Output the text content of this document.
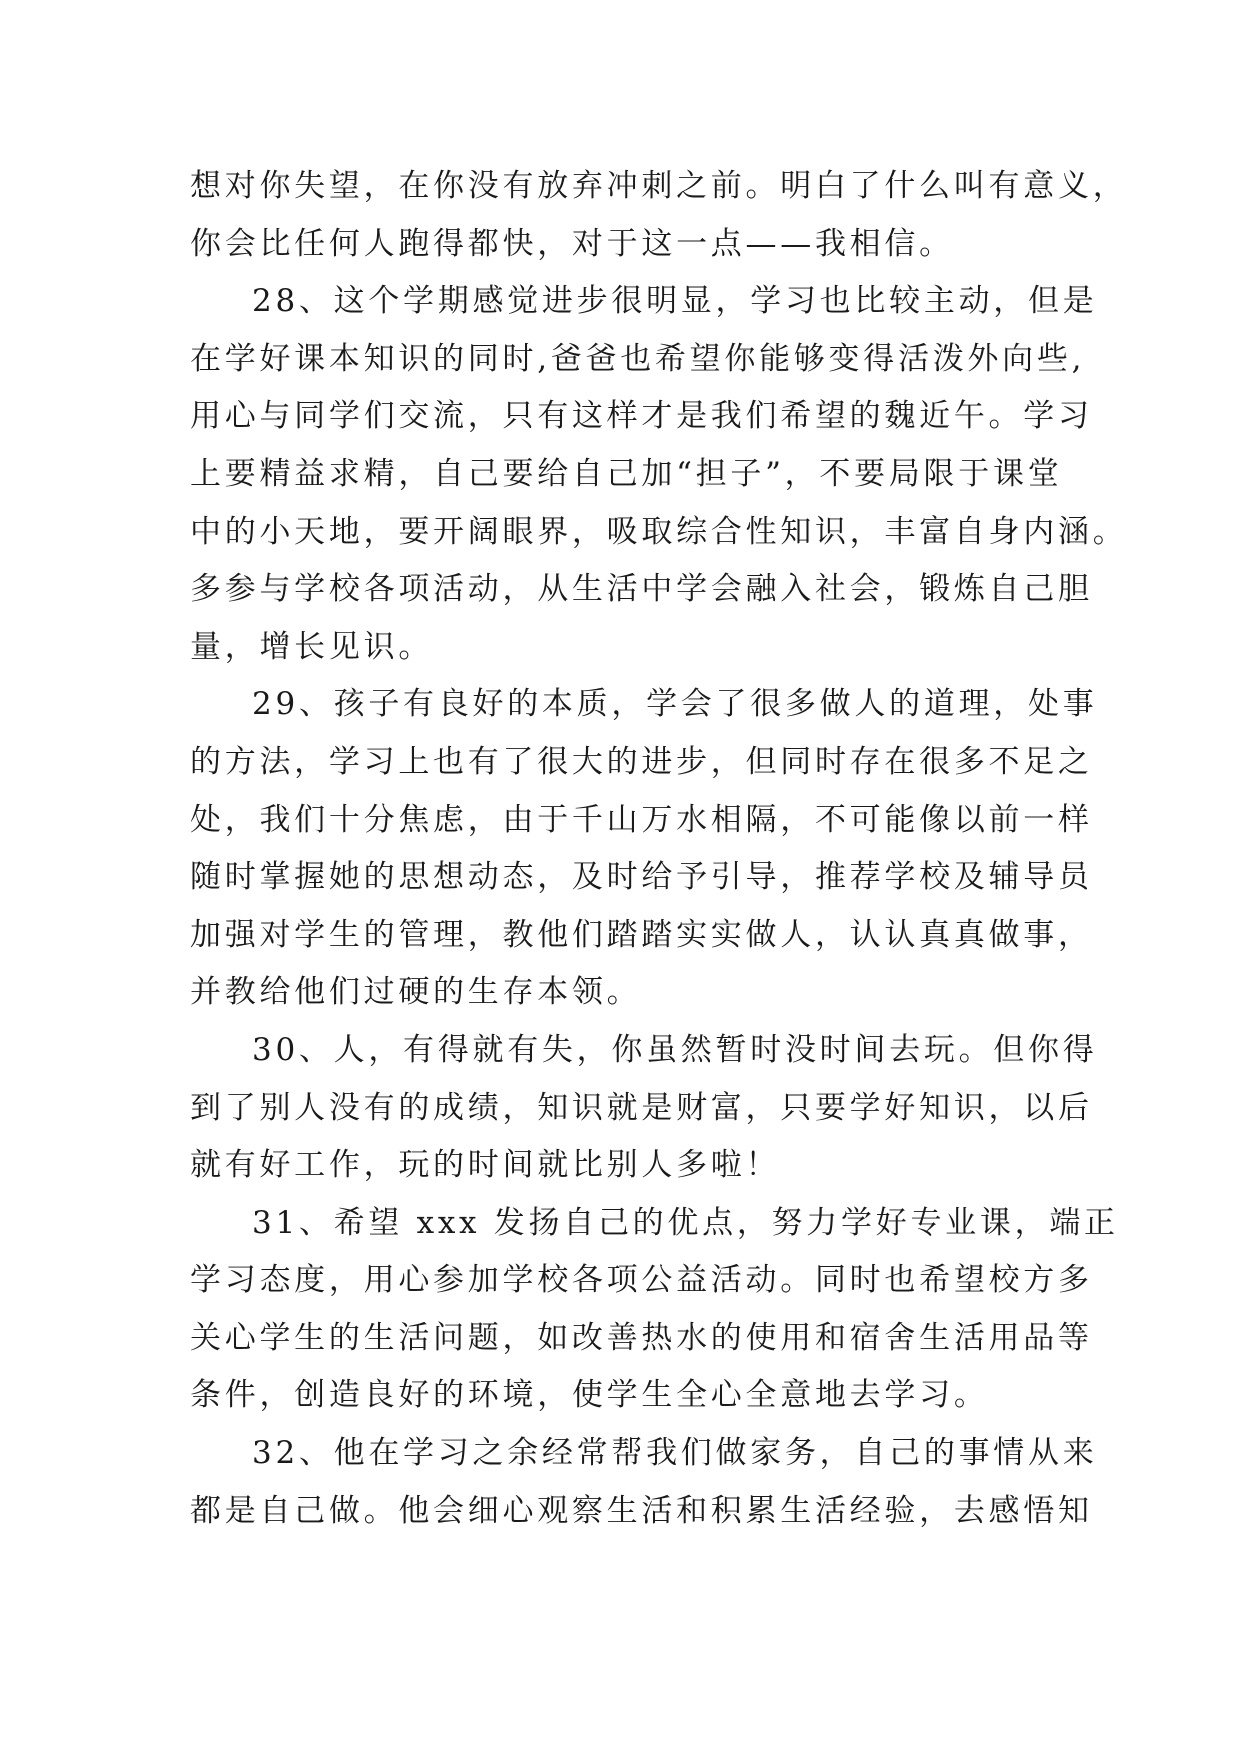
想对你失望，在你没有放弃冲刺之前。明白了什么叫有意义，
你会比任何人跑得都快，对于这一点——我相信。
28、这个学期感觉进步很明显，学习也比较主动，但是
在学好课本知识的同时,爸爸也希望你能够变得活泼外向些,
用心与同学们交流，只有这样才是我们希望的魏近午。学习
上要精益求精，自己要给自己加“担子”，不要局限于课堂
中的小天地，要开阔眼界，吸取综合性知识，丰富自身内涵。
多参与学校各项活动，从生活中学会融入社会，锻炼自己胆
量，增长见识。
29、孩子有良好的本质，学会了很多做人的道理，处事
的方法，学习上也有了很大的进步，但同时存在很多不足之
处，我们十分焦虑，由于千山万水相隔，不可能像以前一样
随时掌握她的思想动态，及时给予引导，推荐学校及辅导员
加强对学生的管理，教他们踏踏实实做人，认认真真做事，
并教给他们过硬的生存本领。
30、人，有得就有失，你虽然暂时没时间去玩。但你得
到了别人没有的成绩，知识就是财富，只要学好知识，以后
就有好工作，玩的时间就比别人多啦！
31、希望 xxx 发扬自己的优点，努力学好专业课，端正
学习态度，用心参加学校各项公益活动。同时也希望校方多
关心学生的生活问题，如改善热水的使用和宿舍生活用品等
条件，创造良好的环境，使学生全心全意地去学习。
32、他在学习之余经常帮我们做家务，自己的事情从来
都是自己做。他会细心观察生活和积累生活经验，去感悟知
